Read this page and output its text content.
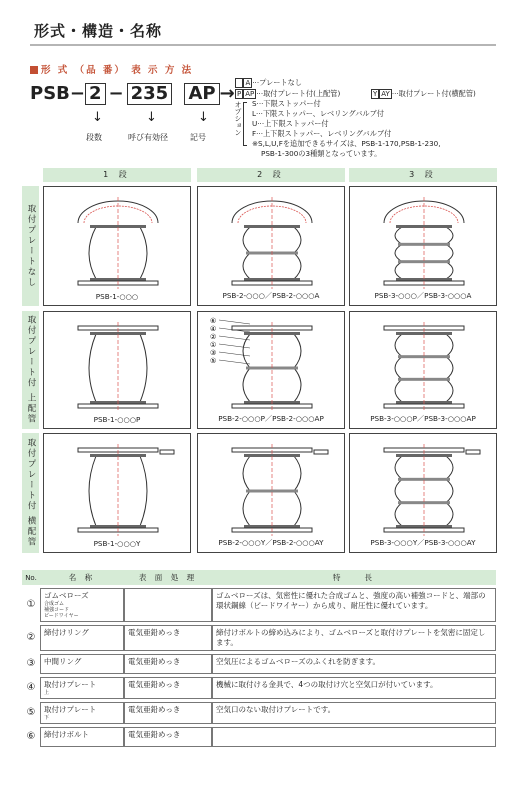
形式・構造・名称
形 式 （品 番） 表 示 方 法
PSB− 2 − 235 AP →
↓	↓	↓
段数	呼び有効径	記号
A ···プレートなし
P AP ···取付プレート付(上配管)	Y AY ···取付プレート付(横配管)
オプション S···下限ストッパー付
L···下限ストッパー、レベリングバルブ付
U···上下限ストッパー付
F···上下限ストッパー、レベリングバルブ付
※S,L,U,Fを追加できるサイズは、PSB-1-170,PSB-1-230,
PSB-1-300の3種類となっています。
1 段	2 段	3 段
取付プレートなし
取付プレート付 上配管
取付プレート付 横配管
PSB-1-○○○	PSB-2-○○○／PSB-2-○○○A	PSB-3-○○○／PSB-3-○○○A
PSB-1-○○○P
⑥
④
②
①
③
⑤
PSB-2-○○○P／PSB-2-○○○AP	PSB-3-○○○P／PSB-3-○○○AP
PSB-1-○○○Y	PSB-2-○○○Y／PSB-2-○○○AY	PSB-3-○○○Y／PSB-3-○○○AY
No.	名 称	表 面 処 理	特　　長
①	ゴムベローズ
合成ゴム
補強コード
ビードワイヤー		ゴムベローズは、気密性に優れた合成ゴムと、強度の高い補強コードと、端部の環状鋼線（ビードワイヤー）から成り、耐圧性に優れています。
②	締付けリング	電気亜鉛めっき	締付けボルトの締め込みにより、ゴムベローズと取付けプレートを気密に固定します。
③	中間リング	電気亜鉛めっき	空気圧によるゴムベローズのふくれを防ぎます。
④	取付けプレート
上	電気亜鉛めっき	機械に取付ける金具で、4つの取付け穴と空気口が付いています。
⑤	取付けプレート
下	電気亜鉛めっき	空気口のない取付けプレートです。
⑥	締付けボルト	電気亜鉛めっき	
